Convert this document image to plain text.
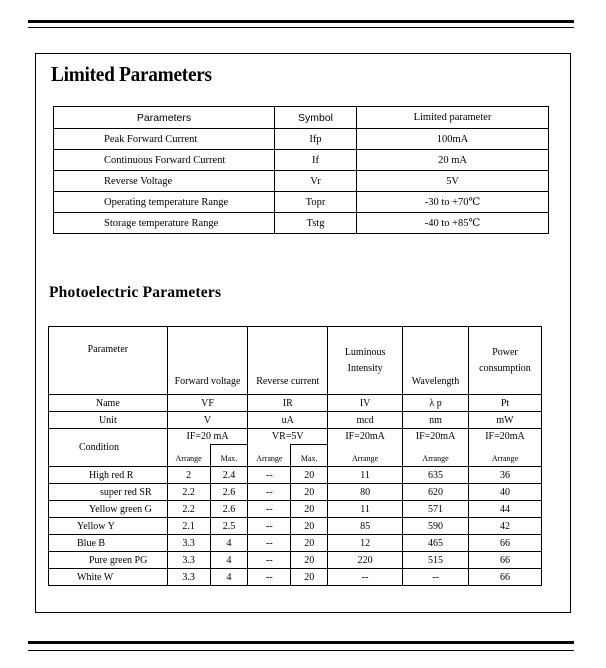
Limited Parameters
Parameters	Symbol	Limited parameter
Peak Forward Current	Ifp	100mA
Continuous Forward Current	If	20 mA
Reverse Voltage	Vr	5V
Operating temperature Range	Topr	-30 to +70℃
Storage temperature Range	Tstg	-40 to +85℃
Photoelectric Parameters
Parameter	Forward voltage		Reverse current		Luminous Intensity	Wavelength	Power consumption
Name	VF		IR		IV	λ p	Pt
Unit	V		uA		mcd	nm	mW
Condition	IF=20 mA		VR=5V		IF=20mA	IF=20mA	IF=20mA
	Arrange	Max.	Arrange	Max.	Arrange	Arrange	Arrange
High red R	2	2.4	--	20	11	635	36
super red SR	2.2	2.6	--	20	80	620	40
Yellow green G	2.2	2.6	--	20	11	571	44
Yellow Y	2.1	2.5	--	20	85	590	42
Blue B	3.3	4	--	20	12	465	66
Pure green PG	3.3	4	--	20	220	515	66
White W	3.3	4	--	20	--	--	66
